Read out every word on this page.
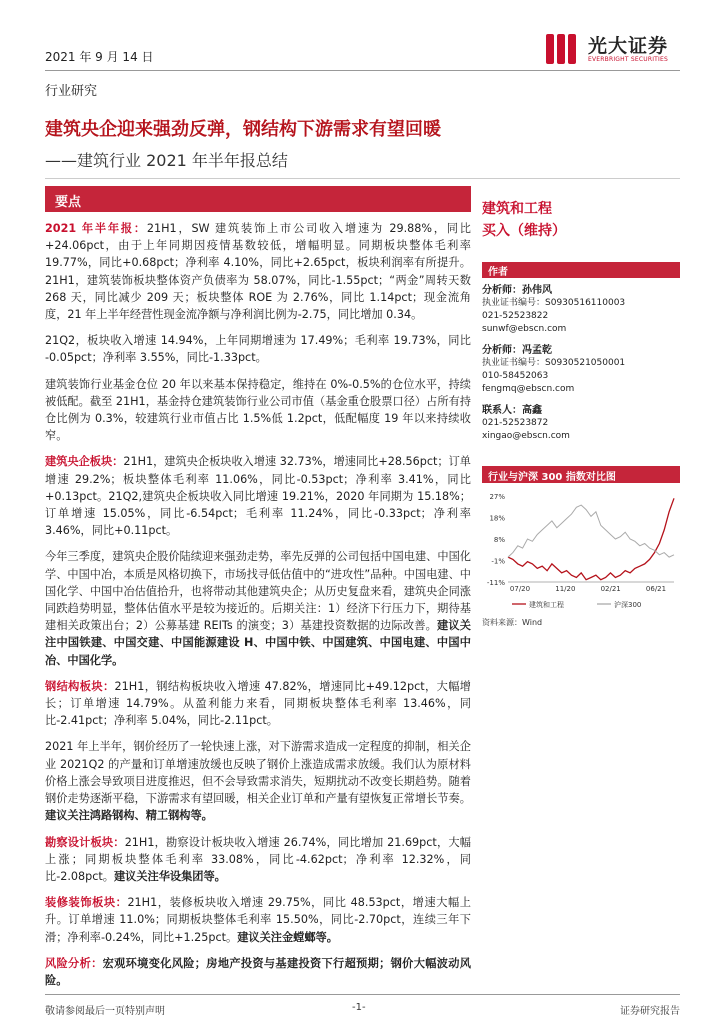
2021 年 9 月 14 日
光大证券
EVERBRIGHT SECURITIES
行业研究
建筑央企迎来强劲反弹，钢结构下游需求有望回暖
——建筑行业 2021 年半年报总结
要点

2021 年半年报：21H1，SW 建筑装饰上市公司收入增速为 29.88%，同比 +24.06pct，由于上年同期因疫情基数较低，增幅明显。同期板块整体毛利率 19.77%，同比+0.68pct；净利率 4.10%，同比+2.65pct，板块利润率有所提升。21H1，建筑装饰板块整体资产负债率为 58.07%，同比-1.55pct；“两金”周转天数 268 天，同比减少 209 天；板块整体 ROE 为 2.76%，同比 1.14pct；现金流角度，21 年上半年经营性现金流净额与净利润比例为-2.75，同比增加 0.34。

21Q2，板块收入增速 14.94%，上年同期增速为 17.49%；毛利率 19.73%，同比 -0.05pct；净利率 3.55%，同比-1.33pct。

建筑装饰行业基金仓位 20 年以来基本保持稳定，维持在 0%-0.5%的仓位水平，持续被低配。截至 21H1，基金持仓建筑装饰行业公司市值（基金重仓股票口径）占所有持仓比例为 0.3%，较建筑行业市值占比 1.5%低 1.2pct，低配幅度 19 年以来持续收窄。

建筑央企板块：21H1，建筑央企板块收入增速 32.73%，增速同比+28.56pct；订单增速 29.2%；板块整体毛利率 11.06%，同比-0.53pct；净利率 3.41%，同比+0.13pct。21Q2,建筑央企板块收入同比增速 19.21%，2020 年同期为 15.18%；订单增速 15.05%，同比-6.54pct；毛利率 11.24%，同比-0.33pct；净利率 3.46%，同比+0.11pct。

今年三季度，建筑央企股价陆续迎来强劲走势，率先反弹的公司包括中国电建、中国化学、中国中冶，本质是风格切换下，市场找寻低估值中的“进攻性”品种。中国电建、中国化学、中国中冶估值拾升，也将带动其他建筑央企；从历史复盘来看，建筑央企同涨同跌趋势明显，整体估值水平是较为接近的。后期关注：1）经济下行压力下，期待基建相关政策出台；2）公募基建 REITs 的演变；3）基建投资数据的边际改善。建议关注中国铁建、中国交建、中国能源建设 H、中国中铁、中国建筑、中国电建、中国中冶、中国化学。

钢结构板块：21H1，钢结构板块收入增速 47.82%，增速同比+49.12pct，大幅增长；订单增速 14.79%。从盈利能力来看，同期板块整体毛利率 13.46%，同比-2.41pct；净利率 5.04%，同比-2.11pct。

2021 年上半年，钢价经历了一轮快速上涨，对下游需求造成一定程度的抑制，相关企业 2021Q2 的产量和订单增速放缓也反映了钢价上涨造成需求放缓。我们认为原材料价格上涨会导致项目进度推迟，但不会导致需求消失，短期扰动不改变长期趋势。随着钢价走势逐渐平稳，下游需求有望回暖，相关企业订单和产量有望恢复正常增长节奏。建议关注鸿路钢构、精工钢构等。

勘察设计板块：21H1，勘察设计板块收入增速 26.74%，同比增加 21.69pct，大幅上涨；同期板块整体毛利率 33.08%，同比-4.62pct；净利率 12.32%，同比-2.08pct。建议关注华设集团等。

装修装饰板块：21H1，装修板块收入增速 29.75%，同比 48.53pct，增速大幅上升。订单增速 11.0%；同期板块整体毛利率 15.50%，同比-2.70pct，连续三年下滑；净利率-0.24%，同比+1.25pct。建议关注金螳螂等。

风险分析：宏观环境变化风险；房地产投资与基建投资下行超预期；钢价大幅波动风险。

建筑和工程
买入（维持）
作者
分析师：孙伟风
执业证书编号：S0930516110003
021-52523822
sunwf@ebscn.com
分析师：冯孟乾
执业证书编号：S0930521050001
010-58452063
fengmq@ebscn.com
联系人：高鑫
021-52523872
xingao@ebscn.com
行业与沪深 300 指数对比图
27%
18%
8%
-1%
-11%
07/20	11/20	02/21	06/21
建筑和工程	沪深300
资料来源：Wind
敬请参阅最后一页特别声明	-1-	证券研究报告
